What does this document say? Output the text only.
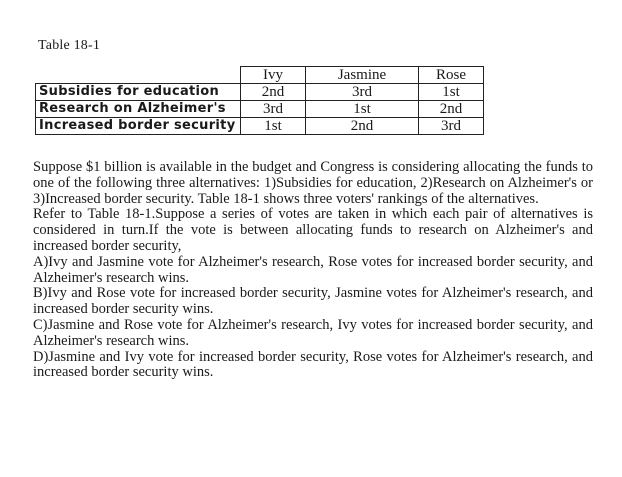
Table 18-1
	Ivy	Jasmine	Rose
Subsidies for education	2nd	3rd	1st
Research on Alzheimer's	3rd	1st	2nd
Increased border security	1st	2nd	3rd

Suppose $1 billion is available in the budget and Congress is considering allocating the funds to one of the following three alternatives: 1)Subsidies for education, 2)Research on Alzheimer's or 3)Increased border security. Table 18-1 shows three voters' rankings of the alternatives.

Refer to Table 18-1.Suppose a series of votes are taken in which each pair of alternatives is considered in turn.If the vote is between allocating funds to research on Alzheimer's and increased border security,

A)Ivy and Jasmine vote for Alzheimer's research, Rose votes for increased border security, and Alzheimer's research wins.

B)Ivy and Rose vote for increased border security, Jasmine votes for Alzheimer's research, and increased border security wins.

C)Jasmine and Rose vote for Alzheimer's research, Ivy votes for increased border security, and Alzheimer's research wins.

D)Jasmine and Ivy vote for increased border security, Rose votes for Alzheimer's research, and increased border security wins.
